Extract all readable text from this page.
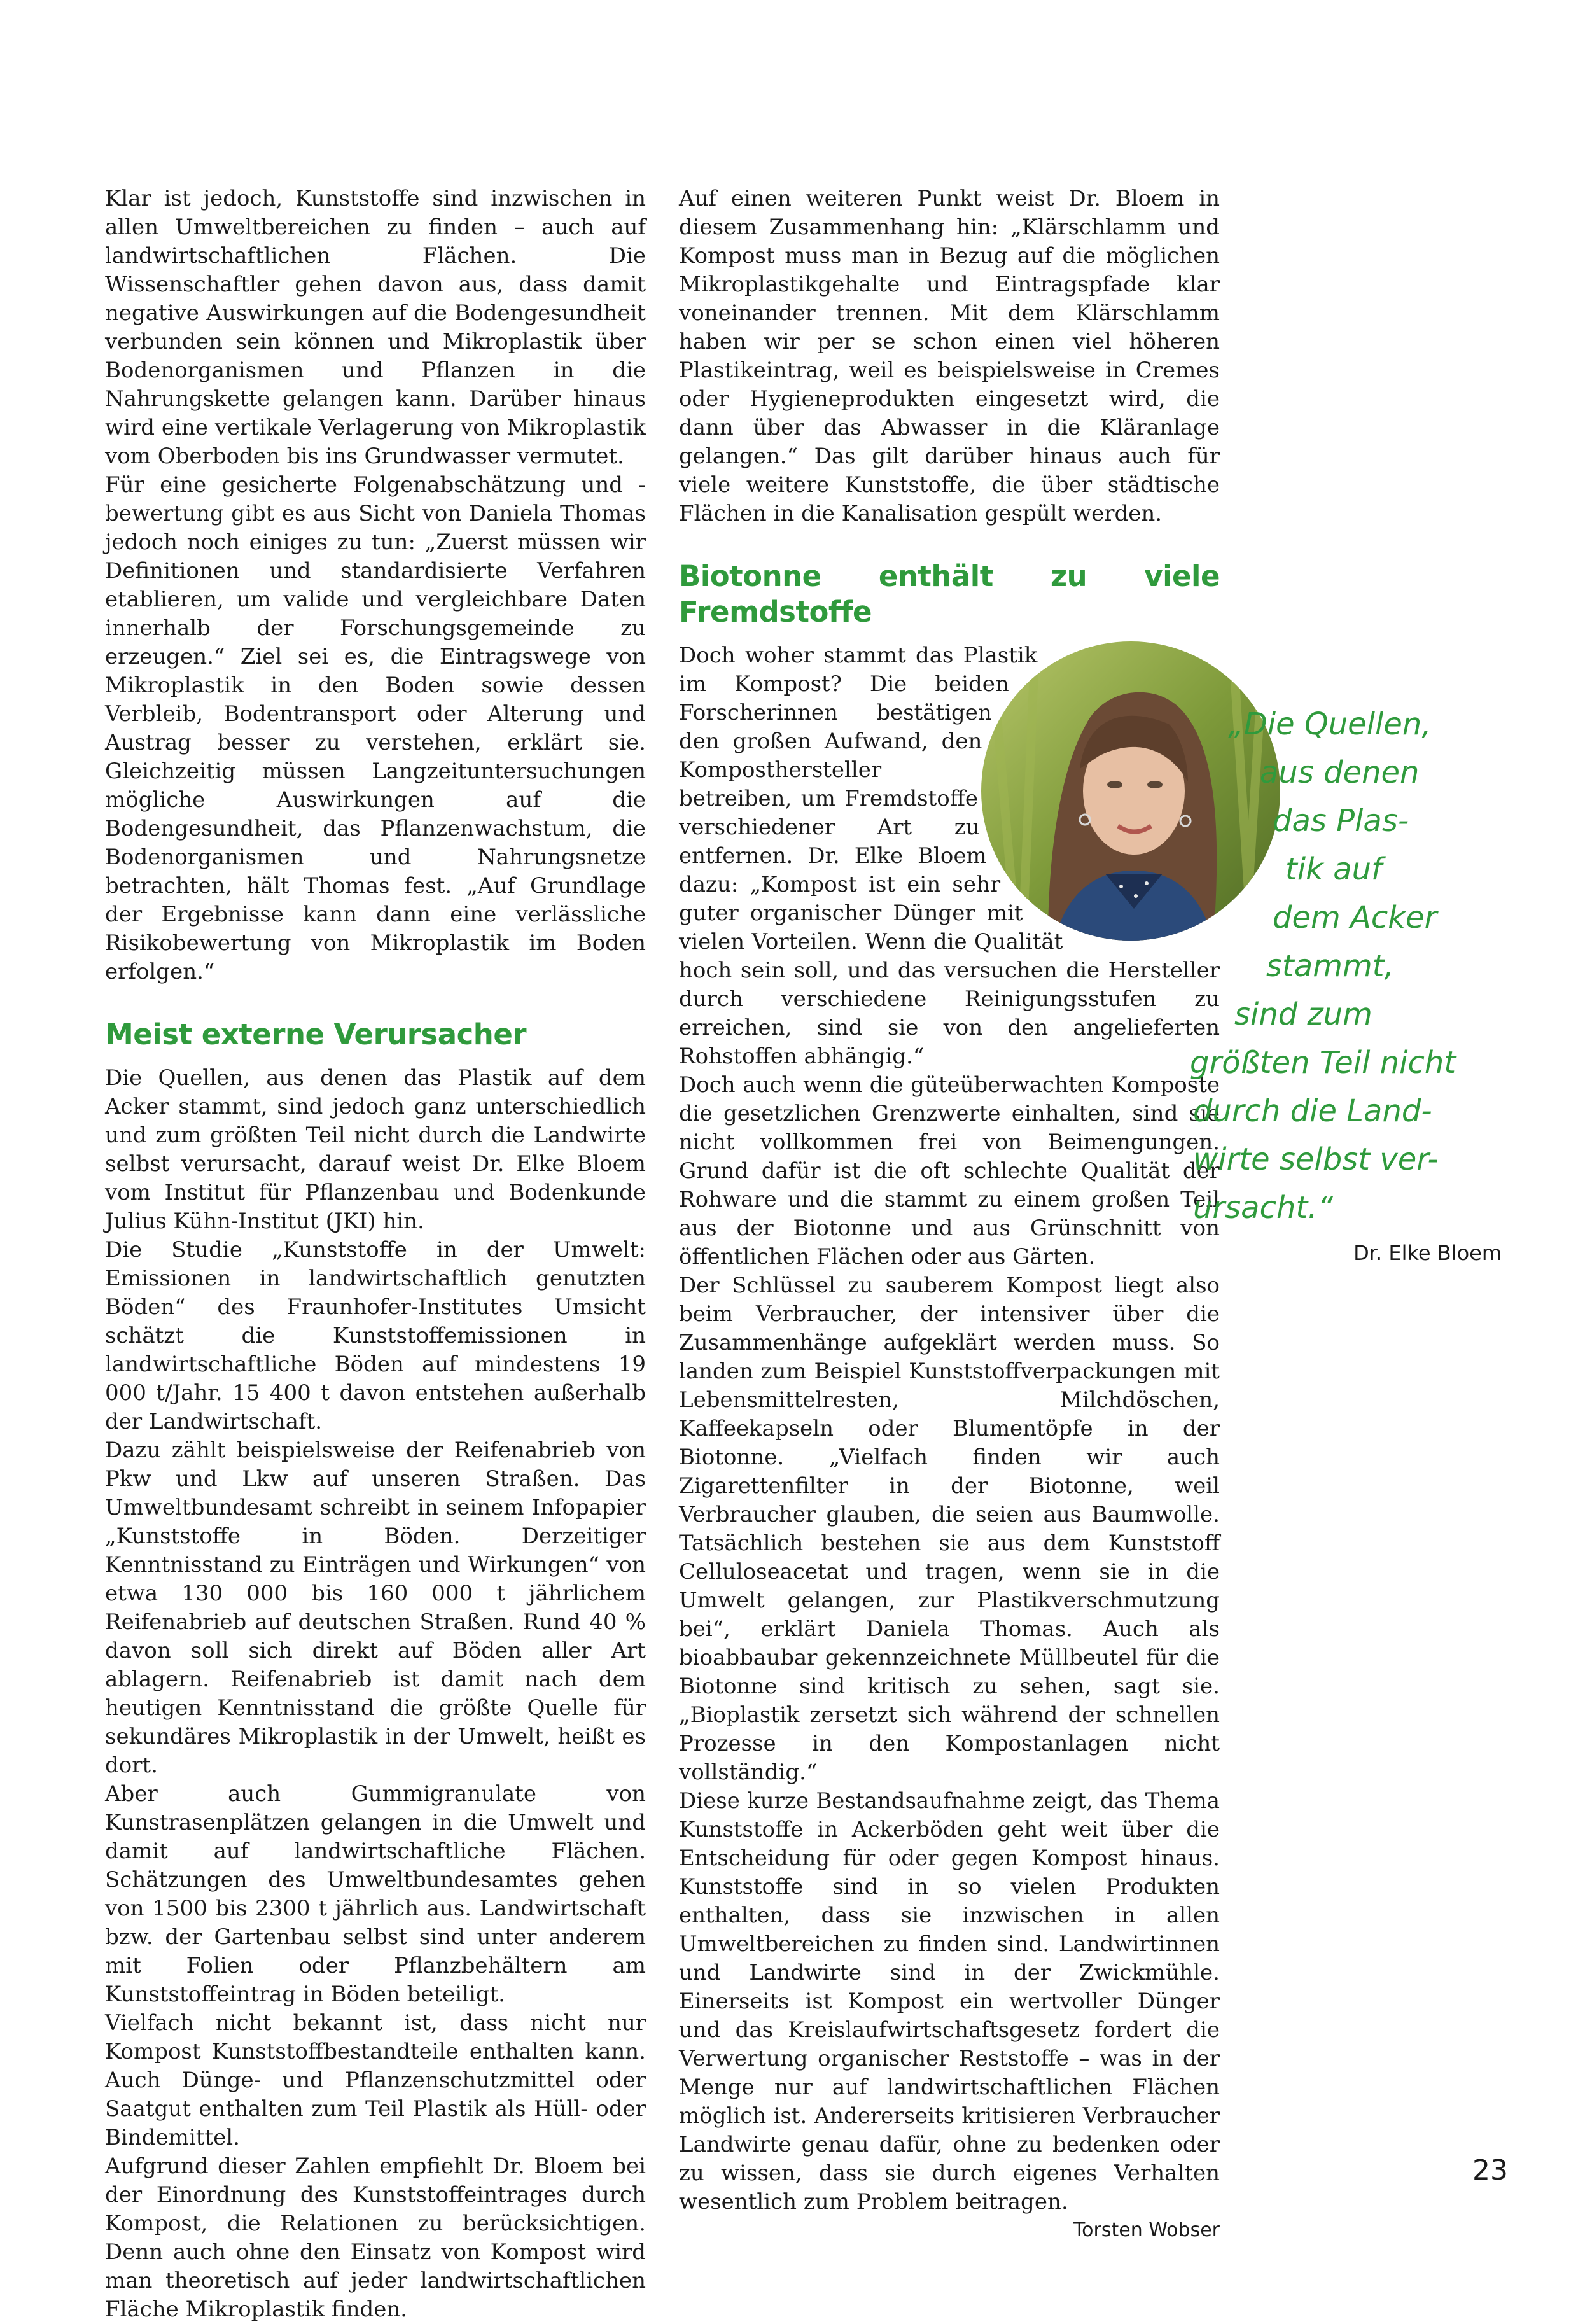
Klar ist jedoch, Kunststoffe sind inzwischen in allen Umweltbereichen zu finden – auch auf landwirtschaftlichen Flächen. Die Wissenschaftler gehen davon aus, dass damit negative Auswirkungen auf die Bodengesundheit verbunden sein können und Mikroplastik über Bodenorganismen und Pflanzen in die Nahrungskette gelangen kann. Darüber hinaus wird eine vertikale Verlagerung von Mikroplastik vom Oberboden bis ins Grundwasser vermutet.

Für eine gesicherte Folgenabschätzung und -bewertung gibt es aus Sicht von Daniela Thomas jedoch noch einiges zu tun: „Zuerst müssen wir Definitionen und standardisierte Verfahren etablieren, um valide und vergleichbare Daten innerhalb der Forschungsgemeinde zu erzeugen.“ Ziel sei es, die Eintragswege von Mikroplastik in den Boden sowie dessen Verbleib, Bodentransport oder Alterung und Austrag besser zu verstehen, erklärt sie. Gleichzeitig müssen Langzeituntersuchungen mögliche Auswirkungen auf die Bodengesundheit, das Pflanzenwachstum, die Bodenorganismen und Nahrungsnetze betrachten, hält Thomas fest. „Auf Grundlage der Ergebnisse kann dann eine verlässliche Risikobewertung von Mikroplastik im Boden erfolgen.“

Meist externe Verursacher

Die Quellen, aus denen das Plastik auf dem Acker stammt, sind jedoch ganz unterschiedlich und zum größten Teil nicht durch die Landwirte selbst verursacht, darauf weist Dr. Elke Bloem vom Institut für Pflanzenbau und Bodenkunde Julius Kühn-Institut (JKI) hin.

Die Studie „Kunststoffe in der Umwelt: Emissionen in landwirtschaftlich genutzten Böden“ des Fraunhofer-Institutes Umsicht schätzt die Kunststoffemissionen in landwirtschaftliche Böden auf mindestens 19 000 t/Jahr. 15 400 t davon entstehen außerhalb der Landwirtschaft.

Dazu zählt beispielsweise der Reifenabrieb von Pkw und Lkw auf unseren Straßen. Das Umweltbundesamt schreibt in seinem Infopapier „Kunststoffe in Böden. Derzeitiger Kenntnisstand zu Einträgen und Wirkungen“ von etwa 130 000 bis 160 000 t jährlichem Reifenabrieb auf deutschen Straßen. Rund 40 % davon soll sich direkt auf Böden aller Art ablagern. Reifenabrieb ist damit nach dem heutigen Kenntnisstand die größte Quelle für sekundäres Mikroplastik in der Umwelt, heißt es dort.

Aber auch Gummigranulate von Kunstrasenplätzen gelangen in die Umwelt und damit auf landwirtschaftliche Flächen. Schätzungen des Umweltbundesamtes gehen von 1500 bis 2300 t jährlich aus. Landwirtschaft bzw. der Gartenbau selbst sind unter anderem mit Folien oder Pflanzbehältern am Kunststoffeintrag in Böden beteiligt.

Vielfach nicht bekannt ist, dass nicht nur Kompost Kunststoffbestandteile enthalten kann. Auch Dünge- und Pflanzenschutzmittel oder Saatgut enthalten zum Teil Plastik als Hüll- oder Bindemittel.

Aufgrund dieser Zahlen empfiehlt Dr. Bloem bei der Einordnung des Kunststoffeintrages durch Kompost, die Relationen zu berücksichtigen. Denn auch ohne den Einsatz von Kompost wird man theoretisch auf jeder landwirtschaftlichen Fläche Mikroplastik finden.

Auf einen weiteren Punkt weist Dr. Bloem in diesem Zusammenhang hin: „Klärschlamm und Kompost muss man in Bezug auf die möglichen Mikroplastikgehalte und Eintragspfade klar voneinander trennen. Mit dem Klärschlamm haben wir per se schon einen viel höheren Plastikeintrag, weil es beispielsweise in Cremes oder Hygieneprodukten eingesetzt wird, die dann über das Abwasser in die Kläranlage gelangen.“ Das gilt darüber hinaus auch für viele weitere Kunststoffe, die über städtische Flächen in die Kanalisation gespült werden.

Biotonne enthält zu viele Fremdstoffe

Doch woher stammt das Plastik im Kompost? Die beiden Forscherinnen bestätigen den großen Aufwand, den Komposthersteller betreiben, um Fremdstoffe verschiedener Art zu entfernen. Dr. Elke Bloem dazu: „Kompost ist ein sehr guter organischer Dünger mit vielen Vorteilen. Wenn die Qualität hoch sein soll, und das versuchen die Hersteller durch verschiedene Reinigungsstufen zu erreichen, sind sie von den angelieferten Rohstoffen abhängig.“

Doch auch wenn die güteüberwachten Komposte die gesetzlichen Grenzwerte einhalten, sind sie nicht vollkommen frei von Beimengungen. Grund dafür ist die oft schlechte Qualität der Rohware und die stammt zu einem großen Teil aus der Biotonne und aus Grünschnitt von öffentlichen Flächen oder aus Gärten.

Der Schlüssel zu sauberem Kompost liegt also beim Verbraucher, der intensiver über die Zusammenhänge aufgeklärt werden muss. So landen zum Beispiel Kunststoffverpackungen mit Lebensmittelresten, Milchdöschen, Kaffeekapseln oder Blumentöpfe in der Biotonne. „Vielfach finden wir auch Zigarettenfilter in der Biotonne, weil Verbraucher glauben, die seien aus Baumwolle. Tatsächlich bestehen sie aus dem Kunststoff Celluloseacetat und tragen, wenn sie in die Umwelt gelangen, zur Plastikverschmutzung bei“, erklärt Daniela Thomas. Auch als bioabbaubar gekennzeichnete Müllbeutel für die Biotonne sind kritisch zu sehen, sagt sie. „Bioplastik zersetzt sich während der schnellen Prozesse in den Kompostanlagen nicht vollständig.“

Diese kurze Bestandsaufnahme zeigt, das Thema Kunststoffe in Ackerböden geht weit über die Entscheidung für oder gegen Kompost hinaus. Kunststoffe sind in so vielen Produkten enthalten, dass sie inzwischen in allen Umweltbereichen zu finden sind. Landwirtinnen und Landwirte sind in der Zwickmühle. Einerseits ist Kompost ein wertvoller Dünger und das Kreislaufwirtschaftsgesetz fordert die Verwertung organischer Reststoffe – was in der Menge nur auf landwirtschaftlichen Flächen möglich ist. Andererseits kritisieren Verbraucher Landwirte genau dafür, ohne zu bedenken oder zu wissen, dass sie durch eigenes Verhalten wesentlich zum Problem beitragen.

Torsten Wobser
„Die Quellen,
aus denen
das Plas-
tik auf
dem Acker
stammt,
sind zum
größten Teil nicht
durch die Land-
wirte selbst ver-
ursacht.“
Dr. Elke Bloem
23
